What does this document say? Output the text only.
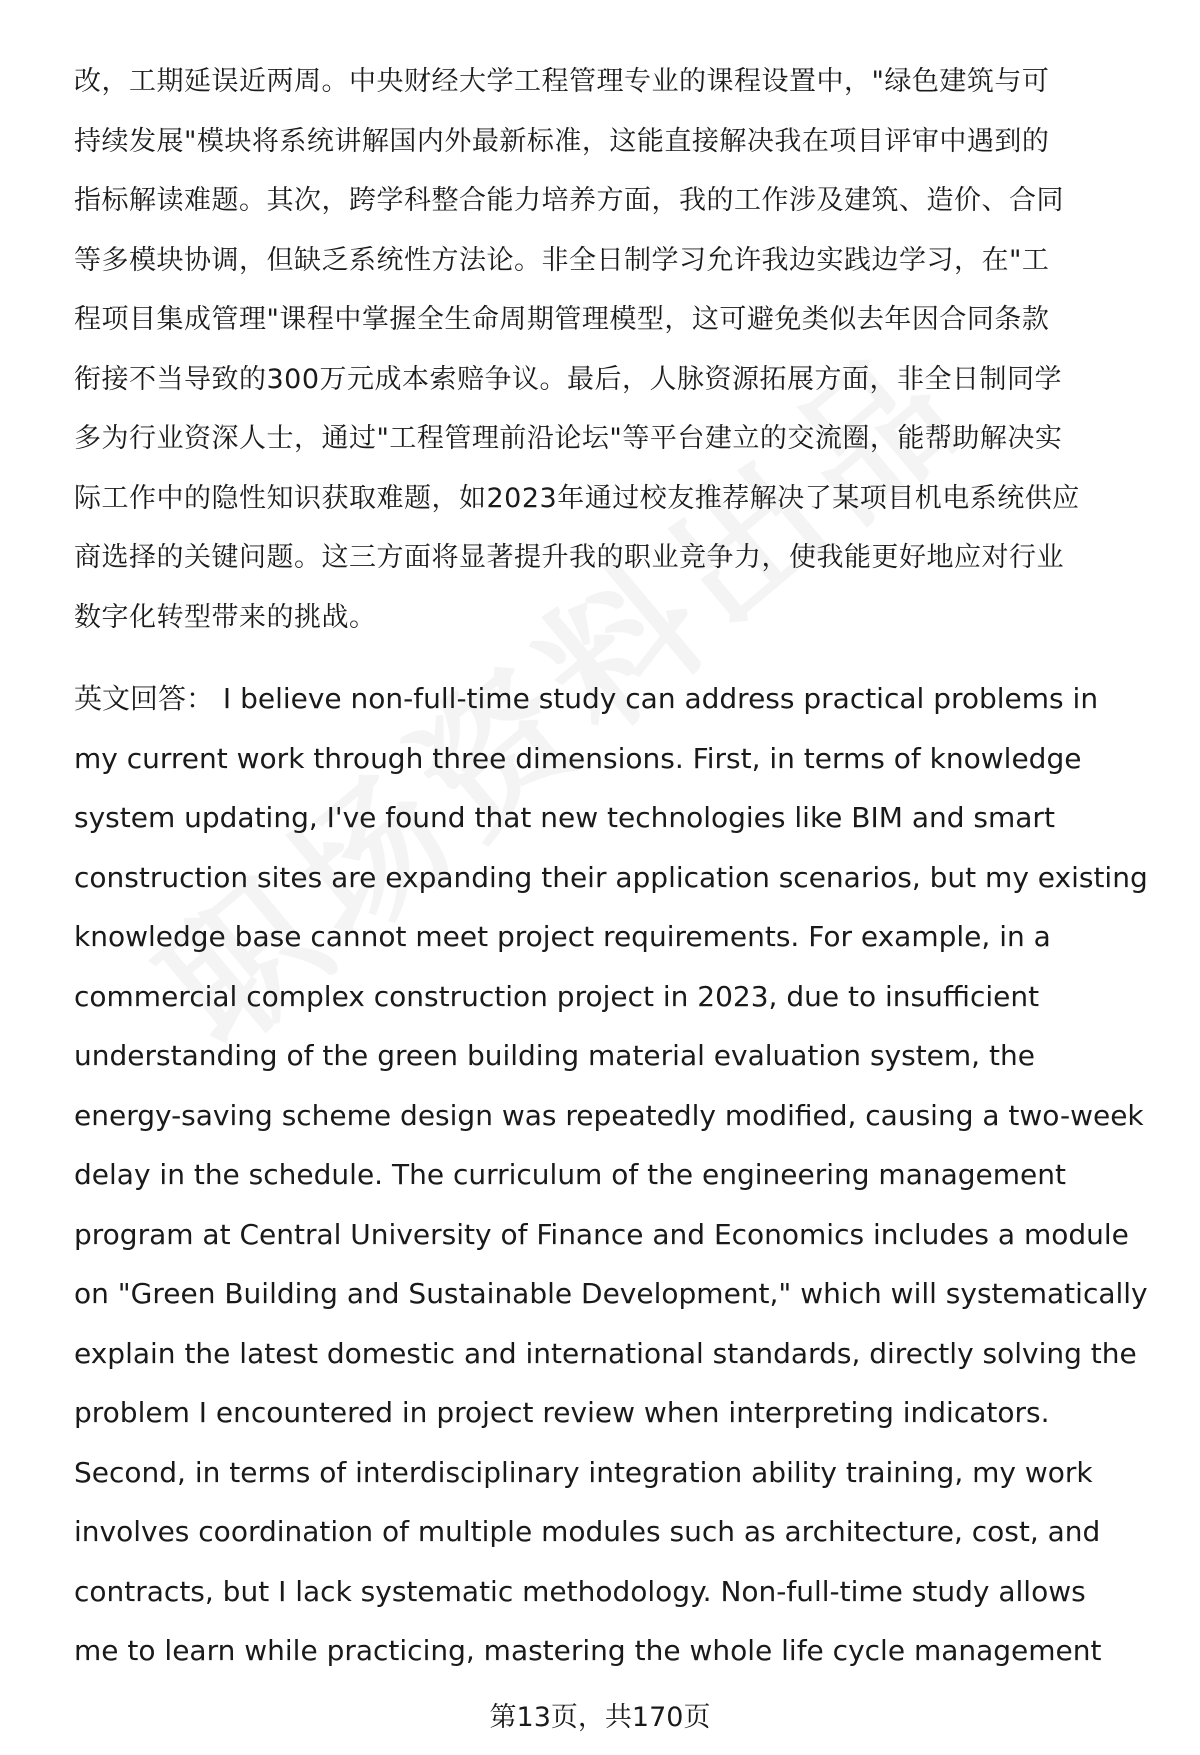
改，工期延误近两周。中央财经大学工程管理专业的课程设置中，"绿色建筑与可
持续发展"模块将系统讲解国内外最新标准，这能直接解决我在项目评审中遇到的
指标解读难题。其次，跨学科整合能力培养方面，我的工作涉及建筑、造价、合同
等多模块协调，但缺乏系统性方法论。非全日制学习允许我边实践边学习，在"工
程项目集成管理"课程中掌握全生命周期管理模型，这可避免类似去年因合同条款
衔接不当导致的300万元成本索赔争议。最后，人脉资源拓展方面，非全日制同学
多为行业资深人士，通过"工程管理前沿论坛"等平台建立的交流圈，能帮助解决实
际工作中的隐性知识获取难题，如2023年通过校友推荐解决了某项目机电系统供应
商选择的关键问题。这三方面将显著提升我的职业竞争力，使我能更好地应对行业
数字化转型带来的挑战。

英文回答： I believe non-full-time study can address practical problems in
my current work through three dimensions. First, in terms of knowledge
system updating, I've found that new technologies like BIM and smart
construction sites are expanding their application scenarios, but my existing
knowledge base cannot meet project requirements. For example, in a
commercial complex construction project in 2023, due to insufficient
understanding of the green building material evaluation system, the
energy-saving scheme design was repeatedly modified, causing a two-week
delay in the schedule. The curriculum of the engineering management
program at Central University of Finance and Economics includes a module
on "Green Building and Sustainable Development," which will systematically
explain the latest domestic and international standards, directly solving the
problem I encountered in project review when interpreting indicators.
Second, in terms of interdisciplinary integration ability training, my work
involves coordination of multiple modules such as architecture, cost, and
contracts, but I lack systematic methodology. Non-full-time study allows
me to learn while practicing, mastering the whole life cycle management

第13页，共170页
